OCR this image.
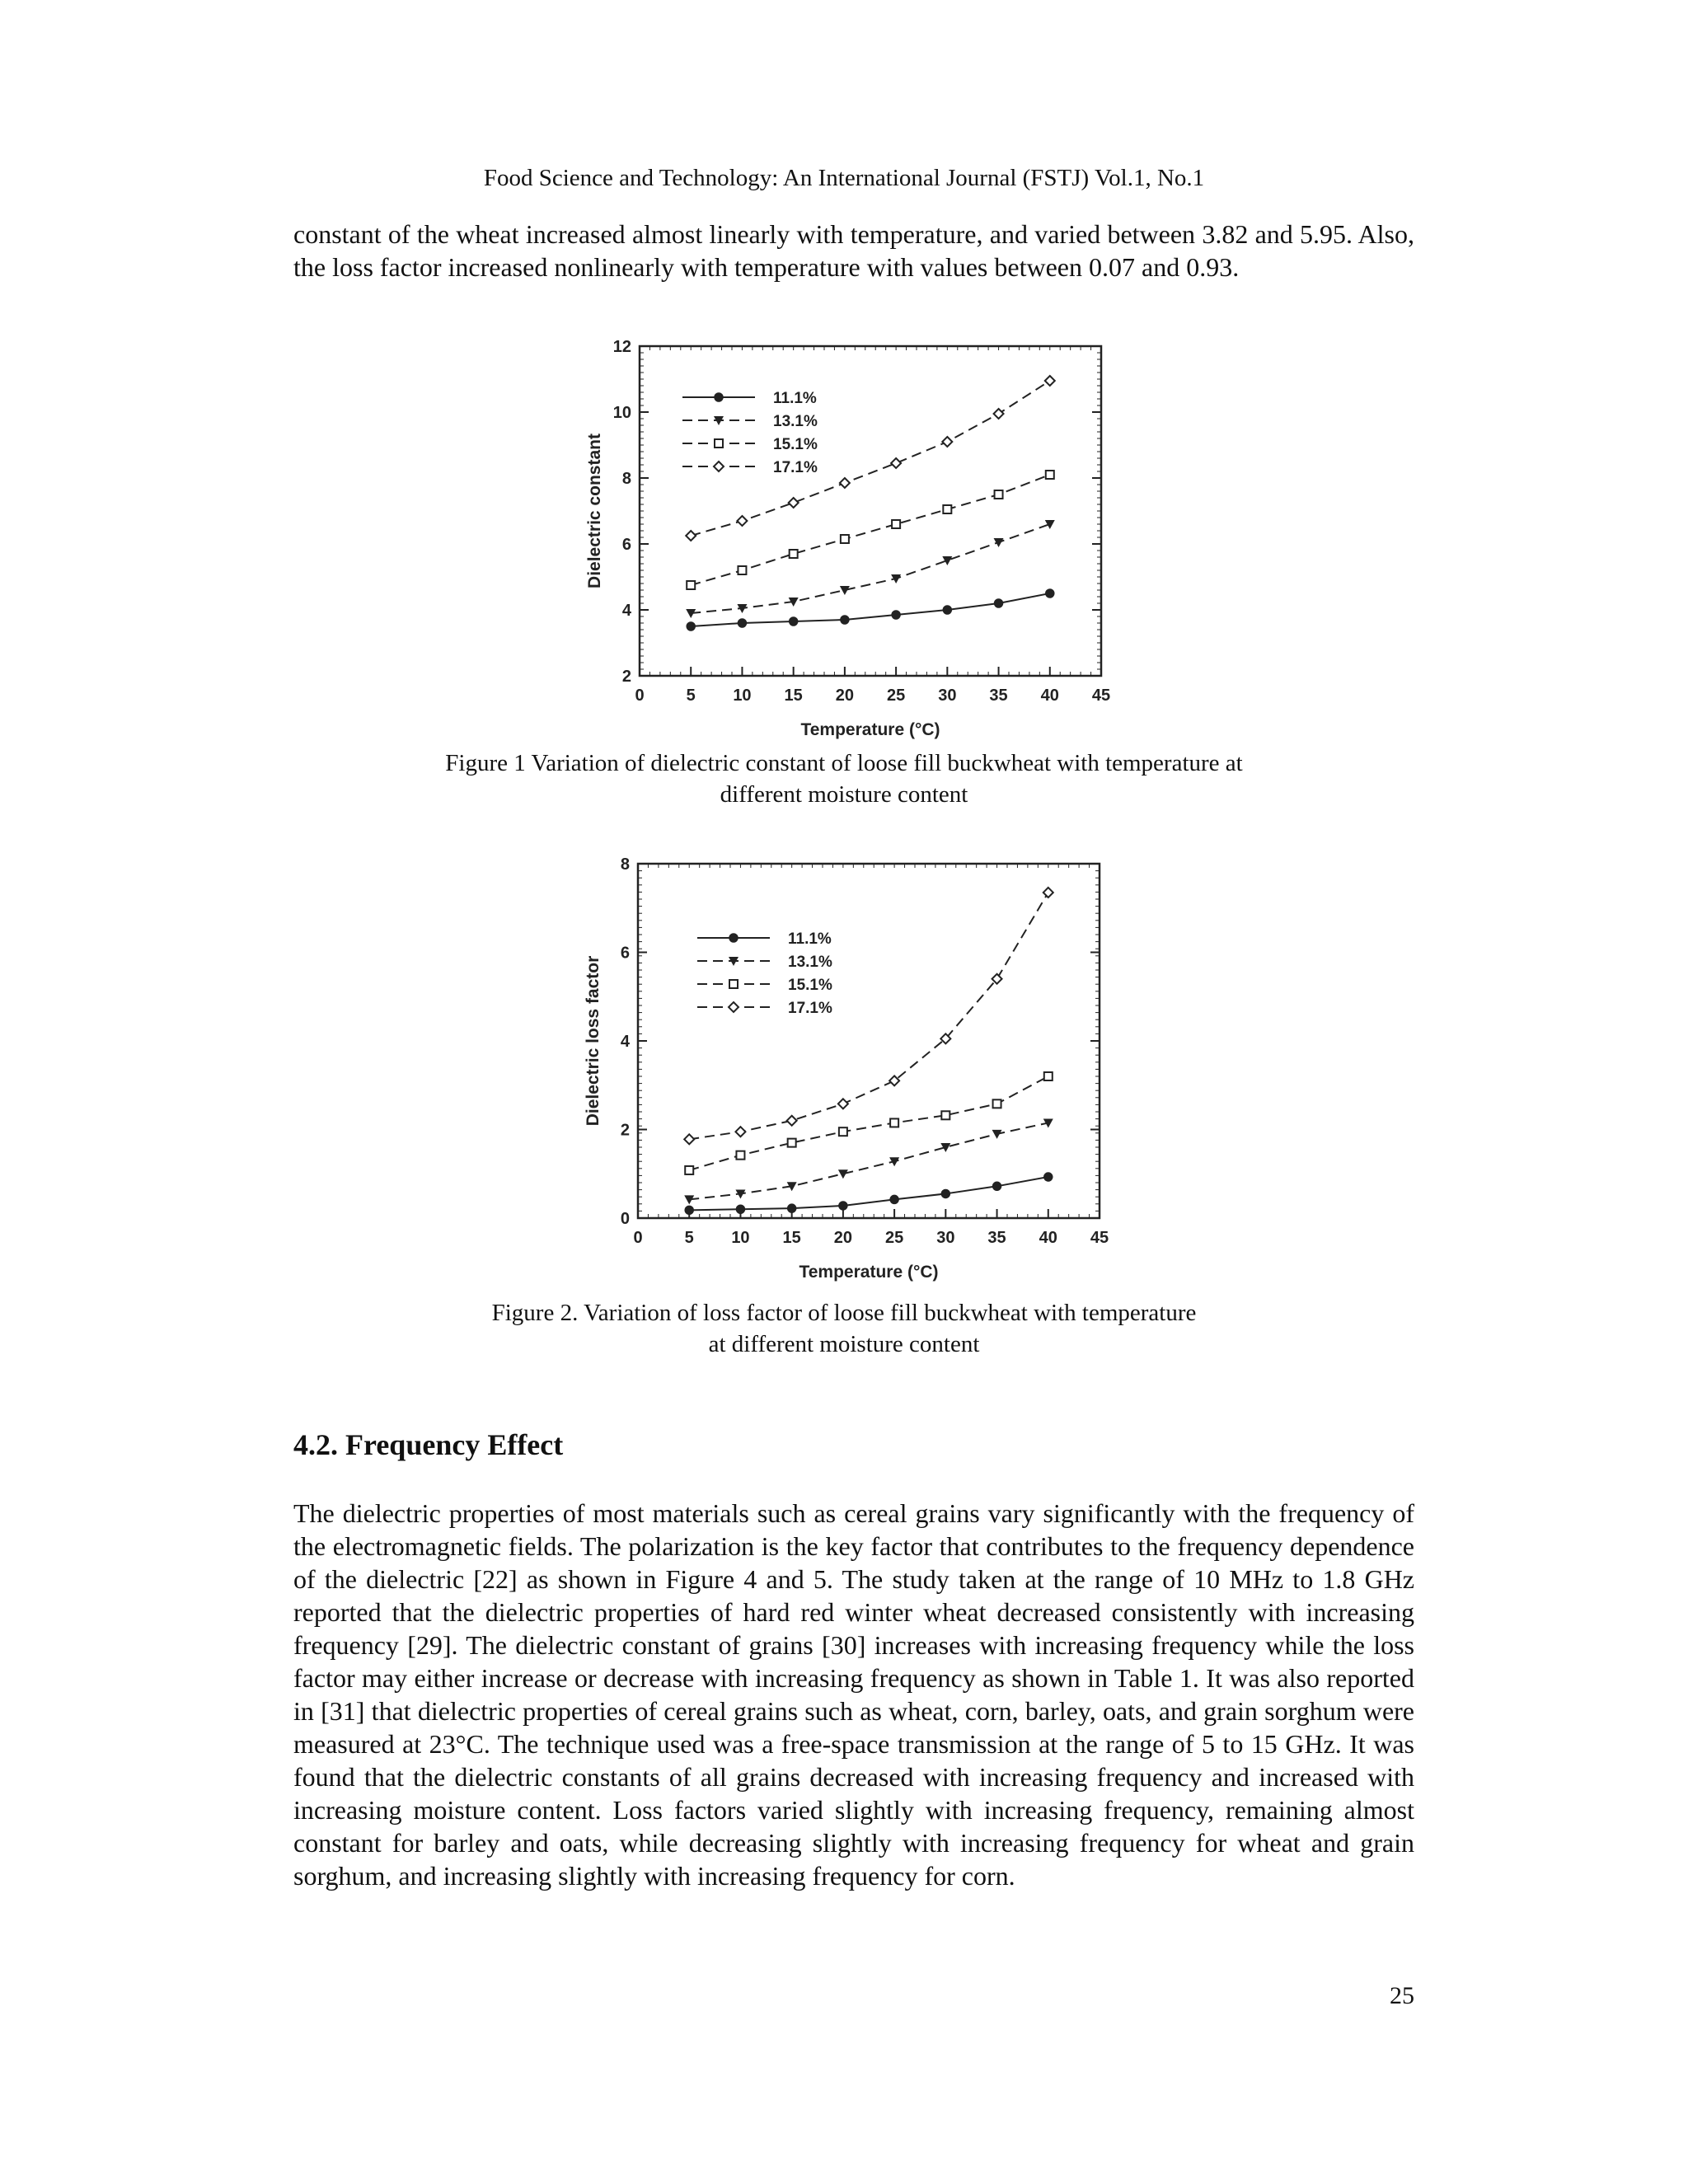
Food Science and Technology: An International Journal (FSTJ) Vol.1, No.1

constant of the wheat increased almost linearly with temperature, and varied between 3.82 and 5.95. Also, the loss factor increased nonlinearly with temperature with values between 0.07 and 0.93.

0	5 10 15 20 25 30 35 40 45
2
4
6
8
10
12
Temperature (°C)
Dielectric constant
11.1%
13.1%
15.1%
17.1%
Figure 1 Variation of dielectric constant of loose fill buckwheat with temperature at
different moisture content
0	5 10 15 20 25 30 35 40 45
0
2
4
6
8
Temperature (°C)
Dielectric loss factor
11.1%
13.1%
15.1%
17.1%
Figure 2. Variation of loss factor of loose fill buckwheat with temperature
at different moisture content
4.2. Frequency Effect

The dielectric properties of most materials such as cereal grains vary significantly with the frequency of the electromagnetic fields. The polarization is the key factor that contributes to the frequency dependence of the dielectric [22] as shown in Figure 4 and 5. The study taken at the range of 10 MHz to 1.8 GHz reported that the dielectric properties of hard red winter wheat decreased consistently with increasing frequency [29]. The dielectric constant of grains [30] increases with increasing frequency while the loss factor may either increase or decrease with increasing frequency as shown in Table 1. It was also reported in [31] that dielectric properties of cereal grains such as wheat, corn, barley, oats, and grain sorghum were measured at 23°C. The technique used was a free-space transmission at the range of 5 to 15 GHz. It was found that the dielectric constants of all grains decreased with increasing frequency and increased with increasing moisture content. Loss factors varied slightly with increasing frequency, remaining almost constant for barley and oats, while decreasing slightly with increasing frequency for wheat and grain sorghum, and increasing slightly with increasing frequency for corn.

25
